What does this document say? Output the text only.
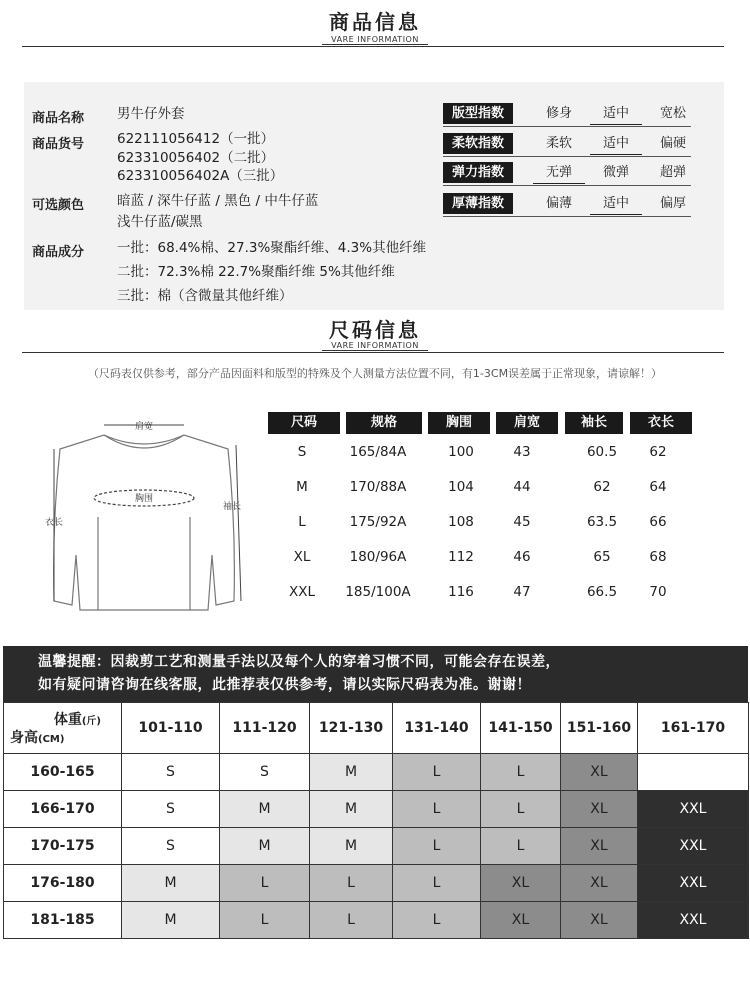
商品信息
VARE INFORMATION
商品名称 男牛仔外套
商品货号 622111056412（一批）
623310056402（二批）
623310056402A（三批）
可选颜色 暗蓝 / 深牛仔蓝 / 黑色 / 中牛仔蓝
浅牛仔蓝/碳黑
商品成分 一批：68.4%棉、27.3%聚酯纤维、4.3%其他纤维
二批：72.3%棉 22.7%聚酯纤维 5%其他纤维
三批：棉（含微量其他纤维）
版型指数	修身	适中	宽松
柔软指数	柔软	适中	偏硬
弹力指数	无弹	微弹	超弹
厚薄指数	偏薄	适中	偏厚
尺码信息
VARE INFORMATION
（尺码表仅供参考，部分产品因面料和版型的特殊及个人测量方法位置不同，有1-3CM误差属于正常现象，请谅解！）
肩宽
胸围
袖长
衣长
尺码	规格	胸围	肩宽	袖长	衣长
S	165/84A	100	43	60.5	62
M	170/88A	104	44	62	64
L	175/92A	108	45	63.5	66
XL	180/96A	112	46	65	68
XXL	185/100A	116	47	66.5	70
温馨提醒：因裁剪工艺和测量手法以及每个人的穿着习惯不同，可能会存在误差，
如有疑问请咨询在线客服，此推荐表仅供参考，请以实际尺码表为准。谢谢！
体重(斤)
身高(CM)	101-110	111-120	121-130	131-140	141-150	151-160	161-170
160-165	S	S	M	L	L	XL	
166-170	S	M	M	L	L	XL	XXL
170-175	S	M	M	L	L	XL	XXL
176-180	M	L	L	L	XL	XL	XXL
181-185	M	L	L	L	XL	XL	XXL
